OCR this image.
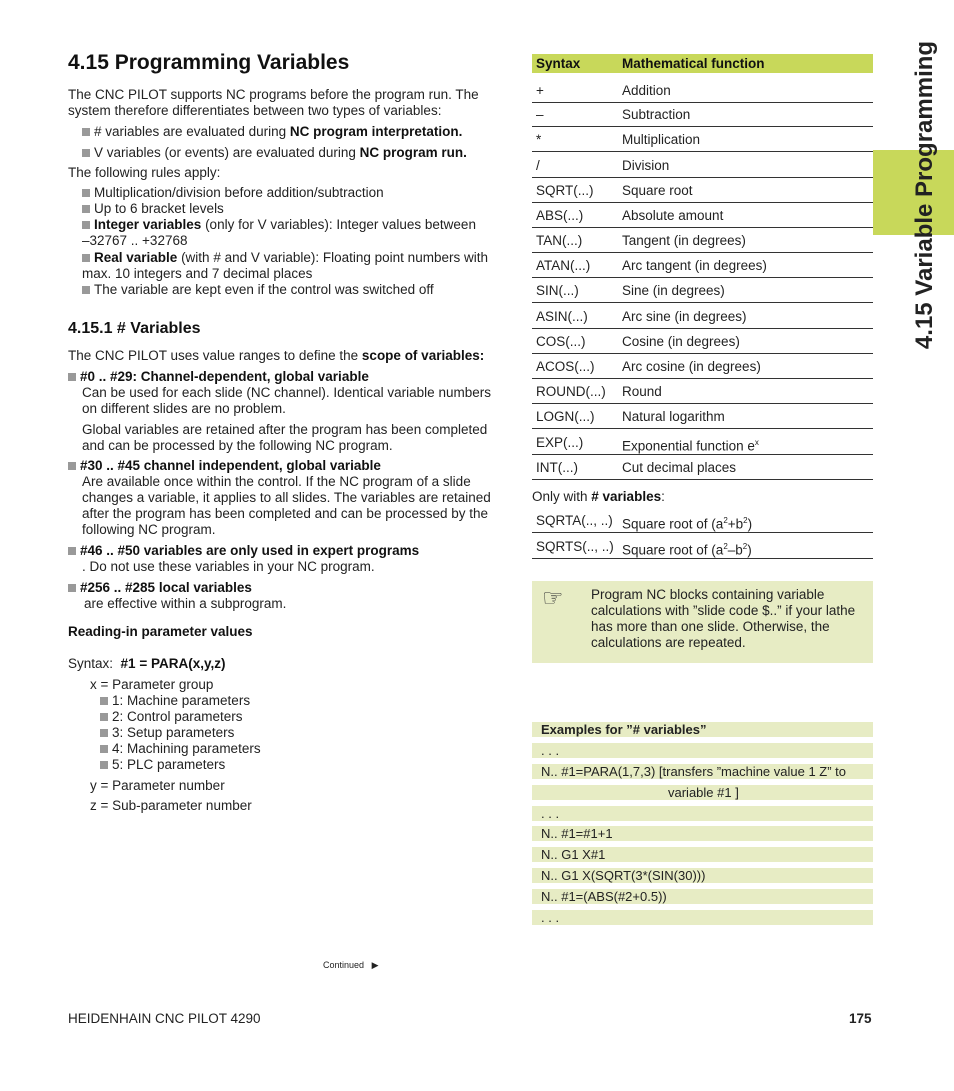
4.15 Programming Variables
The CNC PILOT supports NC programs before the program run. The system therefore differentiates between two types of variables:
# variables are evaluated during NC program interpretation.
V variables (or events) are evaluated during NC program run.
The following rules apply:
Multiplication/division before addition/subtraction
Up to 6 bracket levels
Integer variables (only for V variables): Integer values between
–32767 .. +32768
Real variable (with # and V variable): Floating point numbers with
max. 10 integers and 7 decimal places
The variable are kept even if the control was switched off
4.15.1 # Variables
The CNC PILOT uses value ranges to define the scope of variables:
#0 .. #29: Channel-dependent, global variable
Can be used for each slide (NC channel). Identical variable numbers
on different slides are no problem.
Global variables are retained after the program has been completed
and can be processed by the following NC program.
#30 .. #45 channel independent, global variable
Are available once within the control. If the NC program of a slide
changes a variable, it applies to all slides. The variables are retained
after the program has been completed and can be processed by the
following NC program.
#46 .. #50 variables are only used in expert programs
. Do not use these variables in your NC program.
#256 .. #285 local variables
are effective within a subprogram.
Reading-in parameter values
Syntax: #1 = PARA(x,y,z)
x = Parameter group
1: Machine parameters
2: Control parameters
3: Setup parameters
4: Machining parameters
5: PLC parameters
y = Parameter number
z = Sub-parameter number
Syntax	Mathematical function
+	Addition
–	Subtraction
*	Multiplication
/	Division
SQRT(...) Square root
ABS(...)	Absolute amount
TAN(...)	Tangent (in degrees)
ATAN(...) Arc tangent (in degrees)
SIN(...)	Sine (in degrees)
ASIN(...)	Arc sine (in degrees)
COS(...)	Cosine (in degrees)
ACOS(...) Arc cosine (in degrees)
ROUND(...) Round
LOGN(...) Natural logarithm
EXP(...)	Exponential function $e^x$
INT(...)	Cut decimal places
Only with # variables:
SQRTA(.., ..) Square root of $(a^2+b^2)$
SQRTS(.., ..) Square root of $(a^2-b^2)$
☞ Program NC blocks containing variable calculations with ”slide code $..” if your lathe has more than one slide. Otherwise, the calculations are repeated.
Examples for ”# variables”
. . .
N.. #1=PARA(1,7,3) [transfers ”machine value 1 Z” to
variable #1 ]
. . .
N.. #1=#1+1
N.. G1 X#1
N.. G1 X(SQRT(3*(SIN(30)))
N.. #1=(ABS(#2+0.5))
. . .
4.15 Variable Programming
Continued ▶
HEIDENHAIN CNC PILOT 4290	175
